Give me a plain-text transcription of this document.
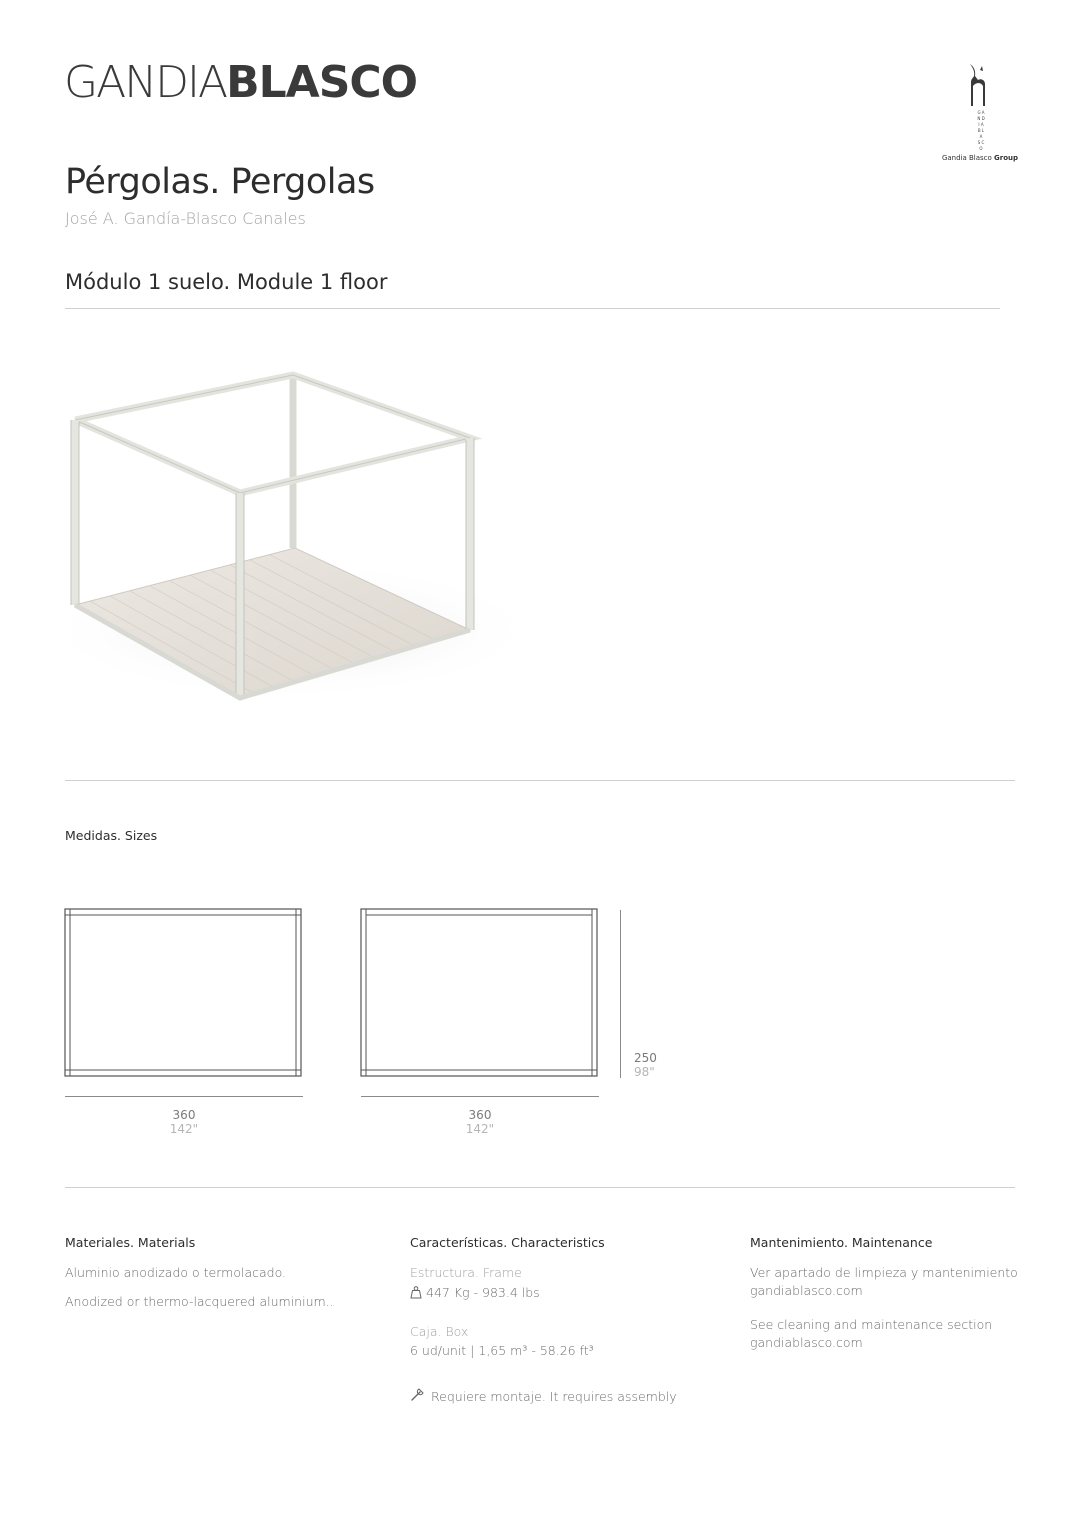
GANDIABLASCO
G A
N D
I A
B L A
S C O
Gandia Blasco Group
Pérgolas. Pergolas
José A. Gandía-Blasco Canales
Módulo 1 suelo. Module 1 floor
Medidas. Sizes
360
142"
360
142"
250
98"
Materiales. Materials
Aluminio anodizado o termolacado.
Anodized or thermo-lacquered aluminium..
Características. Characteristics
Estructura. Frame
447 Kg - 983.4 lbs
Caja. Box
6 ud/unit | 1,65 m³ - 58.26 ft³
Requiere montaje. It requires assembly
Mantenimiento. Maintenance
Ver apartado de limpieza y mantenimiento
gandiablasco.com
See cleaning and maintenance section
gandiablasco.com
